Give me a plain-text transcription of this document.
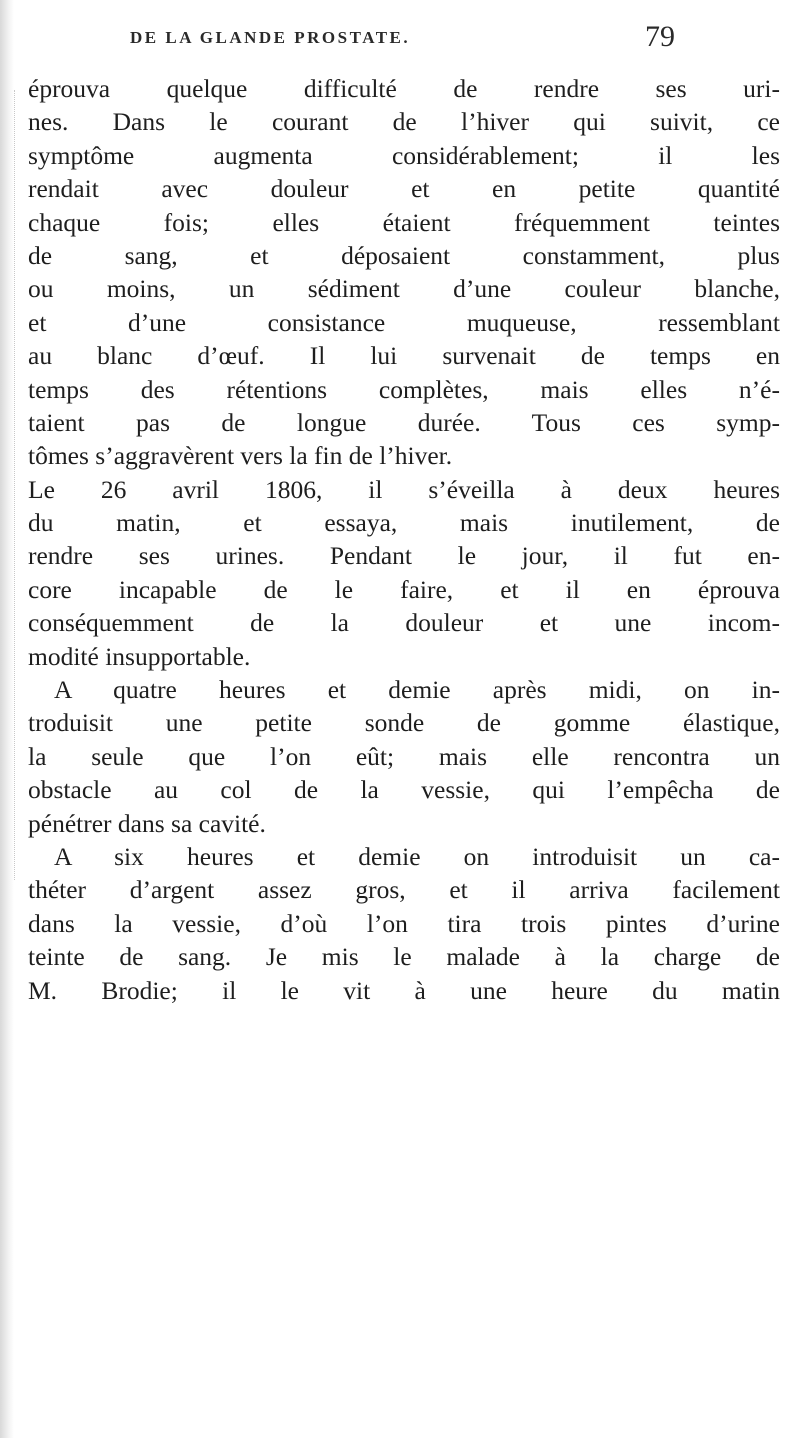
DE LA GLANDE PROSTATE.	79
éprouva quelque difficulté de rendre ses uri-
nes. Dans le courant de l’hiver qui suivit, ce
symptôme augmenta considérablement; il les
rendait avec douleur et en petite quantité
chaque fois; elles étaient fréquemment teintes
de sang, et déposaient constamment, plus
ou moins, un sédiment d’une couleur blanche,
et d’une consistance muqueuse, ressemblant
au blanc d’œuf. Il lui survenait de temps en
temps des rétentions complètes, mais elles n’é-
taient pas de longue durée. Tous ces symp-
tômes s’aggravèrent vers la fin de l’hiver.
Le 26 avril 1806, il s’éveilla à deux heures
du matin, et essaya, mais inutilement, de
rendre ses urines. Pendant le jour, il fut en-
core incapable de le faire, et il en éprouva
conséquemment de la douleur et une incom-
modité insupportable.
A quatre heures et demie après midi, on in-
troduisit une petite sonde de gomme élastique,
la seule que l’on eût; mais elle rencontra un
obstacle au col de la vessie, qui l’empêcha de
pénétrer dans sa cavité.
A six heures et demie on introduisit un ca-
théter d’argent assez gros, et il arriva facilement
dans la vessie, d’où l’on tira trois pintes d’urine
teinte de sang. Je mis le malade à la charge de
M. Brodie; il le vit à une heure du matin
